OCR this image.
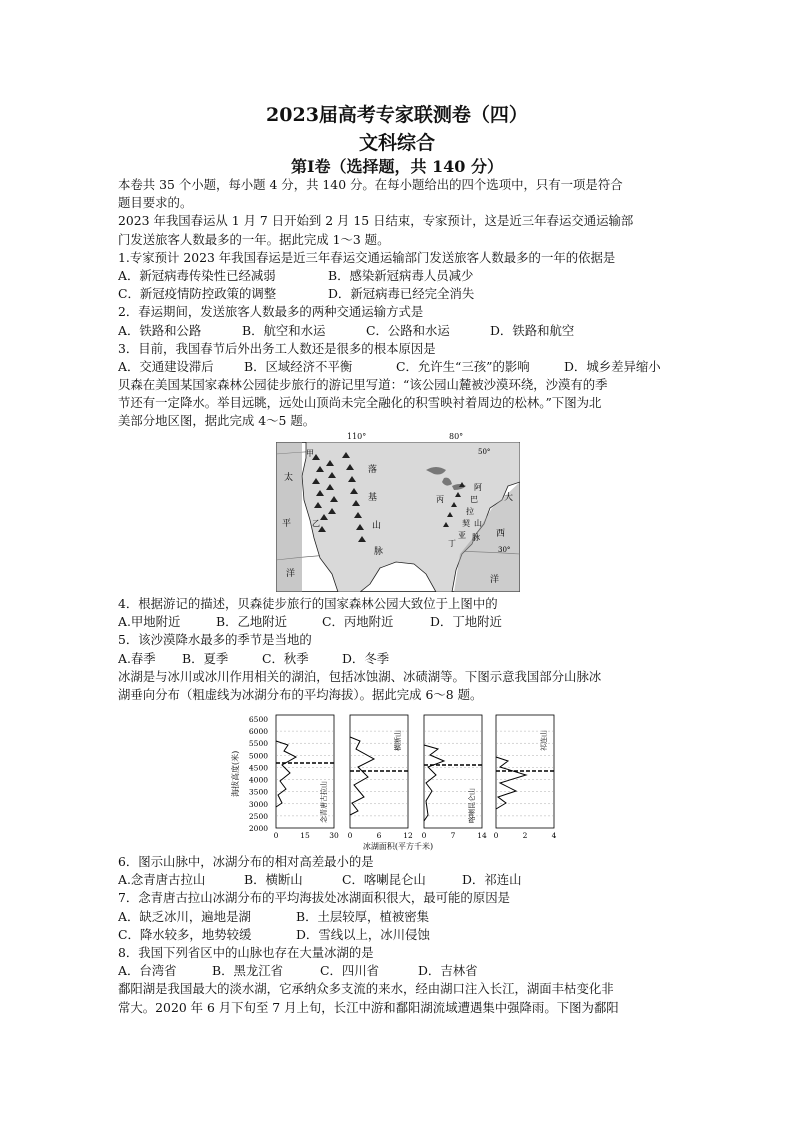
2023届高考专家联测卷（四）
文科综合
第Ⅰ卷（选择题，共 140 分）
本卷共 35 个小题，每小题 4 分，共 140 分。在每小题给出的四个选项中，只有一项是符合
题目要求的。
2023 年我国春运从 1 月 7 日开始到 2 月 15 日结束，专家预计，这是近三年春运交通运输部
门发送旅客人数最多的一年。据此完成 1～3 题。
1.专家预计 2023 年我国春运是近三年春运交通运输部门发送旅客人数最多的一年的依据是
A．新冠病毒传染性已经减弱	B．感染新冠病毒人员减少
C．新冠疫情防控政策的调整	D．新冠病毒已经完全消失
2．春运期间，发送旅客人数最多的两种交通运输方式是
A．铁路和公路	B．航空和水运	C．公路和水运	D．铁路和航空
3．目前，我国春节后外出务工人数还是很多的根本原因是
A．交通建设滞后	B．区域经济不平衡	C．允许生“三孩”的影响	D．城乡差异缩小
贝森在美国某国家森林公园徒步旅行的游记里写道：“该公园山麓被沙漠环绕，沙漠有的季
节还有一定降水。举目远眺，远处山顶尚未完全融化的积雪映衬着周边的松林。”下图为北
美部分地区图，据此完成 4～5 题。
太
甲
平
洋
乙
落
基
山
脉
丙
阿
巴
拉
契
亚
山
脉
丁
大
西
洋
50°
30°
110°	80°
4．根据游记的描述，贝森徒步旅行的国家森林公园大致位于上图中的
A.甲地附近	B．乙地附近	C．丙地附近	D．丁地附近
5．该沙漠降水最多的季节是当地的
A.春季	B．夏季	C．秋季	D．冬季
冰湖是与冰川或冰川作用相关的湖泊，包括冰蚀湖、冰碛湖等。下图示意我国部分山脉冰
湖垂向分布（粗虚线为冰湖分布的平均海拔）。据此完成 6～8 题。
6500
6000
5500
5000
4500
4000
3500
3000
2500
2000
海拔高度(米)
0	15	30
念青唐古拉山
0	6	12
横断山
0	7	14
喀喇昆仑山
0	2	4
祁连山
冰湖面积(平方千米)
6．图示山脉中，冰湖分布的相对高差最小的是
A.念青唐古拉山	B．横断山	C．喀喇昆仑山	D．祁连山
7．念青唐古拉山冰湖分布的平均海拔处冰湖面积很大，最可能的原因是
A．缺乏冰川，遍地是湖	B．土层较厚，植被密集
C．降水较多，地势较缓	D．雪线以上，冰川侵蚀
8．我国下列省区中的山脉也存在大量冰湖的是
A．台湾省	B．黑龙江省	C．四川省	D．吉林省
鄱阳湖是我国最大的淡水湖，它承纳众多支流的来水，经由湖口注入长江，湖面丰枯变化非
常大。2020 年 6 月下旬至 7 月上旬，长江中游和鄱阳湖流域遭遇集中强降雨。下图为鄱阳
